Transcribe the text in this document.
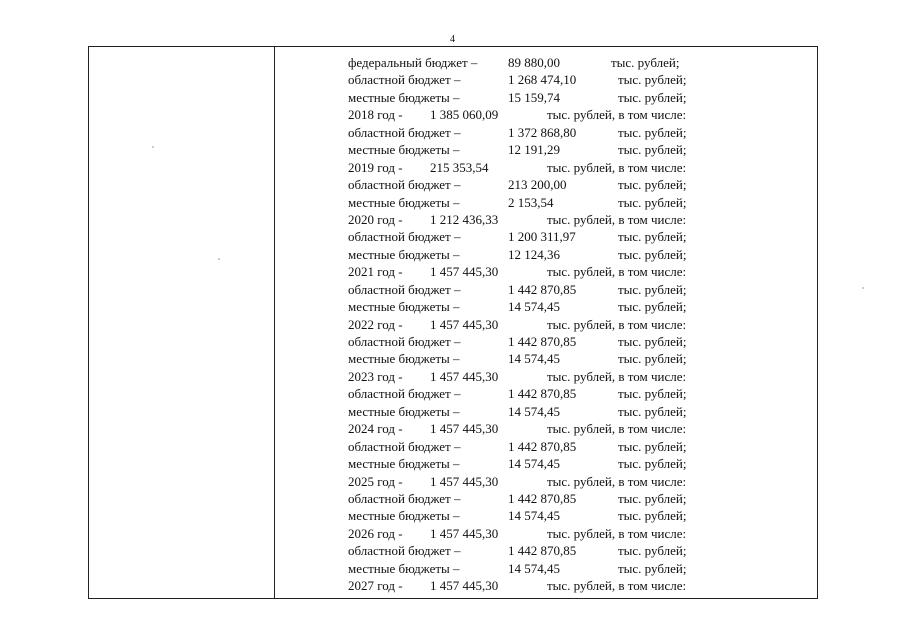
4
федеральный бюджет – 89 880,00	тыс. рублей;
областной бюджет –	1 268 474,10	тыс. рублей;
местные бюджеты –	15 159,74	тыс. рублей;
2018 год - 1 385 060,09	тыс. рублей, в том числе:
областной бюджет –	1 372 868,80	тыс. рублей;
местные бюджеты –	12 191,29	тыс. рублей;
2019 год - 215 353,54	тыс. рублей, в том числе:
областной бюджет –	213 200,00	тыс. рублей;
местные бюджеты –	2 153,54	тыс. рублей;
2020 год - 1 212 436,33	тыс. рублей, в том числе:
областной бюджет –	1 200 311,97	тыс. рублей;
местные бюджеты –	12 124,36	тыс. рублей;
2021 год - 1 457 445,30	тыс. рублей, в том числе:
областной бюджет –	1 442 870,85	тыс. рублей;
местные бюджеты –	14 574,45	тыс. рублей;
2022 год - 1 457 445,30	тыс. рублей, в том числе:
областной бюджет –	1 442 870,85	тыс. рублей;
местные бюджеты –	14 574,45	тыс. рублей;
2023 год - 1 457 445,30	тыс. рублей, в том числе:
областной бюджет –	1 442 870,85	тыс. рублей;
местные бюджеты –	14 574,45	тыс. рублей;
2024 год - 1 457 445,30	тыс. рублей, в том числе:
областной бюджет –	1 442 870,85	тыс. рублей;
местные бюджеты –	14 574,45	тыс. рублей;
2025 год - 1 457 445,30	тыс. рублей, в том числе:
областной бюджет –	1 442 870,85	тыс. рублей;
местные бюджеты –	14 574,45	тыс. рублей;
2026 год - 1 457 445,30	тыс. рублей, в том числе:
областной бюджет –	1 442 870,85	тыс. рублей;
местные бюджеты –	14 574,45	тыс. рублей;
2027 год - 1 457 445,30	тыс. рублей, в том числе:
